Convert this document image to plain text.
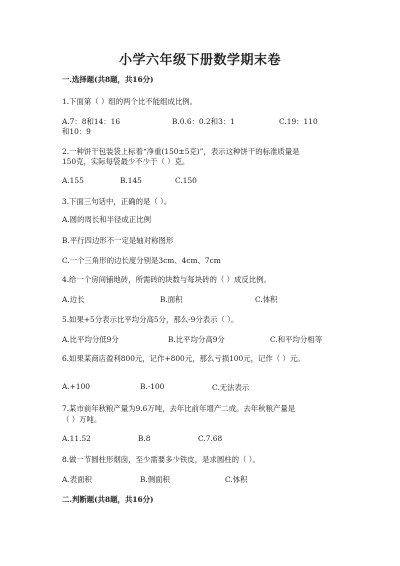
小学六年级下册数学期末卷
一.选择题(共8题，共16分)
1.下面第（ ）组的两个比不能组成比例。
A.7：8和14：16	B.0.6：0.2和3：1	C.19：110
和10：9
2.一种饼干包装袋上标着“净重(150±5克)”，表示这种饼干的标准质量是
150克，实际每袋最少不少于（ ）克。
A.155	B.145	C.150
3.下面三句话中，正确的是（ ）。
A.圆的周长和半径成正比例
B.平行四边形不一定是轴对称图形
C.一个三角形的边长度分别是3cm、4cm、7cm
4.给一个房间铺地砖，所需砖的块数与每块砖的（ ）成反比例。
A.边长	B.面积	C.体积
5.如果+5分表示比平均分高5分，那么-9分表示（ ）。
A.比平均分低9分	B.比平均分高9分	C.和平均分相等
6.如果某商店盈利800元，记作+800元，那么亏损100元，记作（ ）元。
A.+100	B.-100	C.无法表示
7.某市前年秋粮产量为9.6万吨，去年比前年增产二成。去年秋粮产量是
（ ）万吨。
A.11.52	B.8	C.7.68
8.做一节圆柱形烟囱，至少需要多少铁皮，是求圆柱的（ ）。
A.表面积	B.侧面积	C.体积
二.判断题(共8题，共16分)
